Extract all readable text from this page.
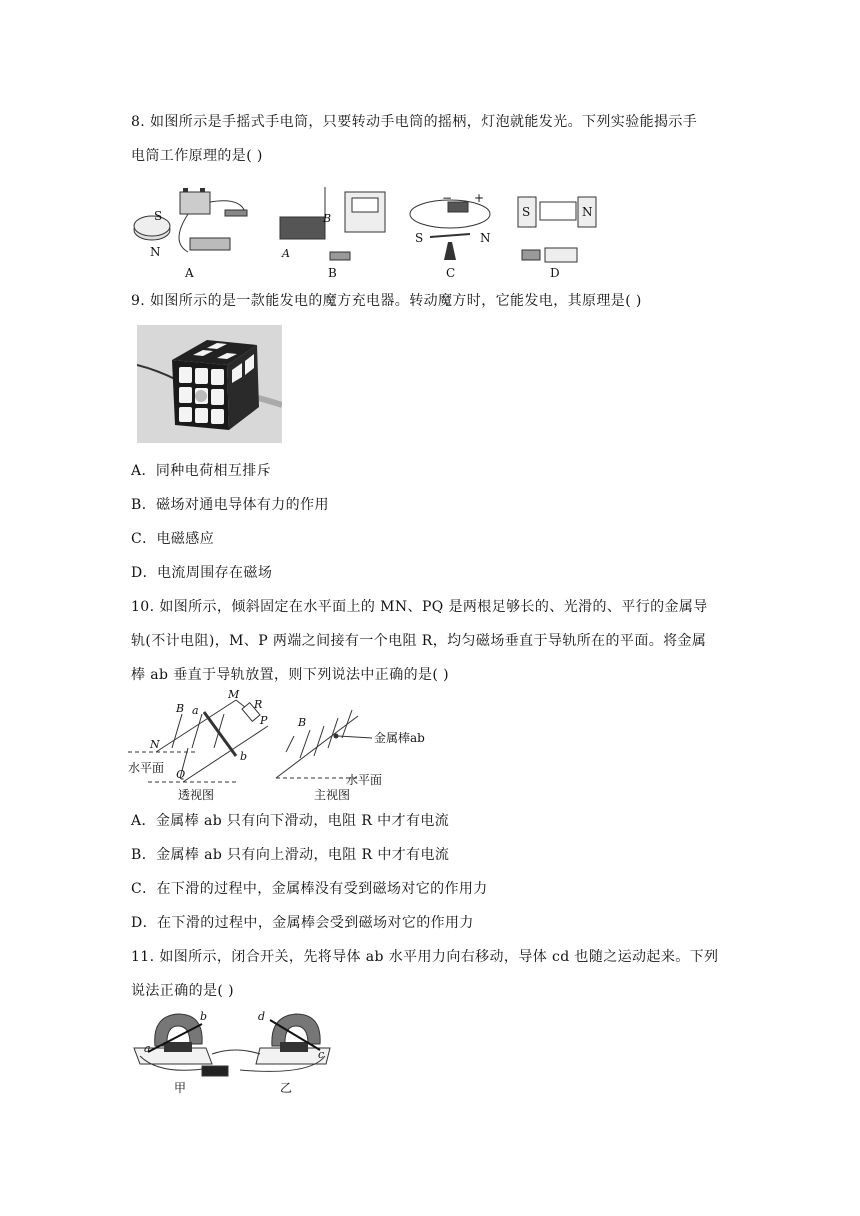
8. 如图所示是手摇式手电筒，只要转动手电筒的摇柄，灯泡就能发光。下列实验能揭示手
电筒工作原理的是( )
S
N
A
B
A
B
− +
S	N
C
S	N
D
9. 如图所示的是一款能发电的魔方充电器。转动魔方时，它能发电，其原理是( )
A．同种电荷相互排斥
B．磁场对通电导体有力的作用
C．电磁感应
D．电流周围存在磁场
10. 如图所示，倾斜固定在水平面上的 MN、PQ 是两根足够长的、光滑的、平行的金属导
轨(不计电阻)，M、P 两端之间接有一个电阻 R，均匀磁场垂直于导轨所在的平面。将金属
棒 ab 垂直于导轨放置，则下列说法中正确的是( )
B a
M
R
P
N
b
Q
水平面
透视图
B
金属棒ab
水平面
主视图
A．金属棒 ab 只有向下滑动，电阻 R 中才有电流
B．金属棒 ab 只有向上滑动，电阻 R 中才有电流
C．在下滑的过程中，金属棒没有受到磁场对它的作用力
D．在下滑的过程中，金属棒会受到磁场对它的作用力
11. 如图所示，闭合开关，先将导体 ab 水平用力向右移动，导体 cd 也随之运动起来。下列
说法正确的是( )
a
b
c
d
甲	乙
